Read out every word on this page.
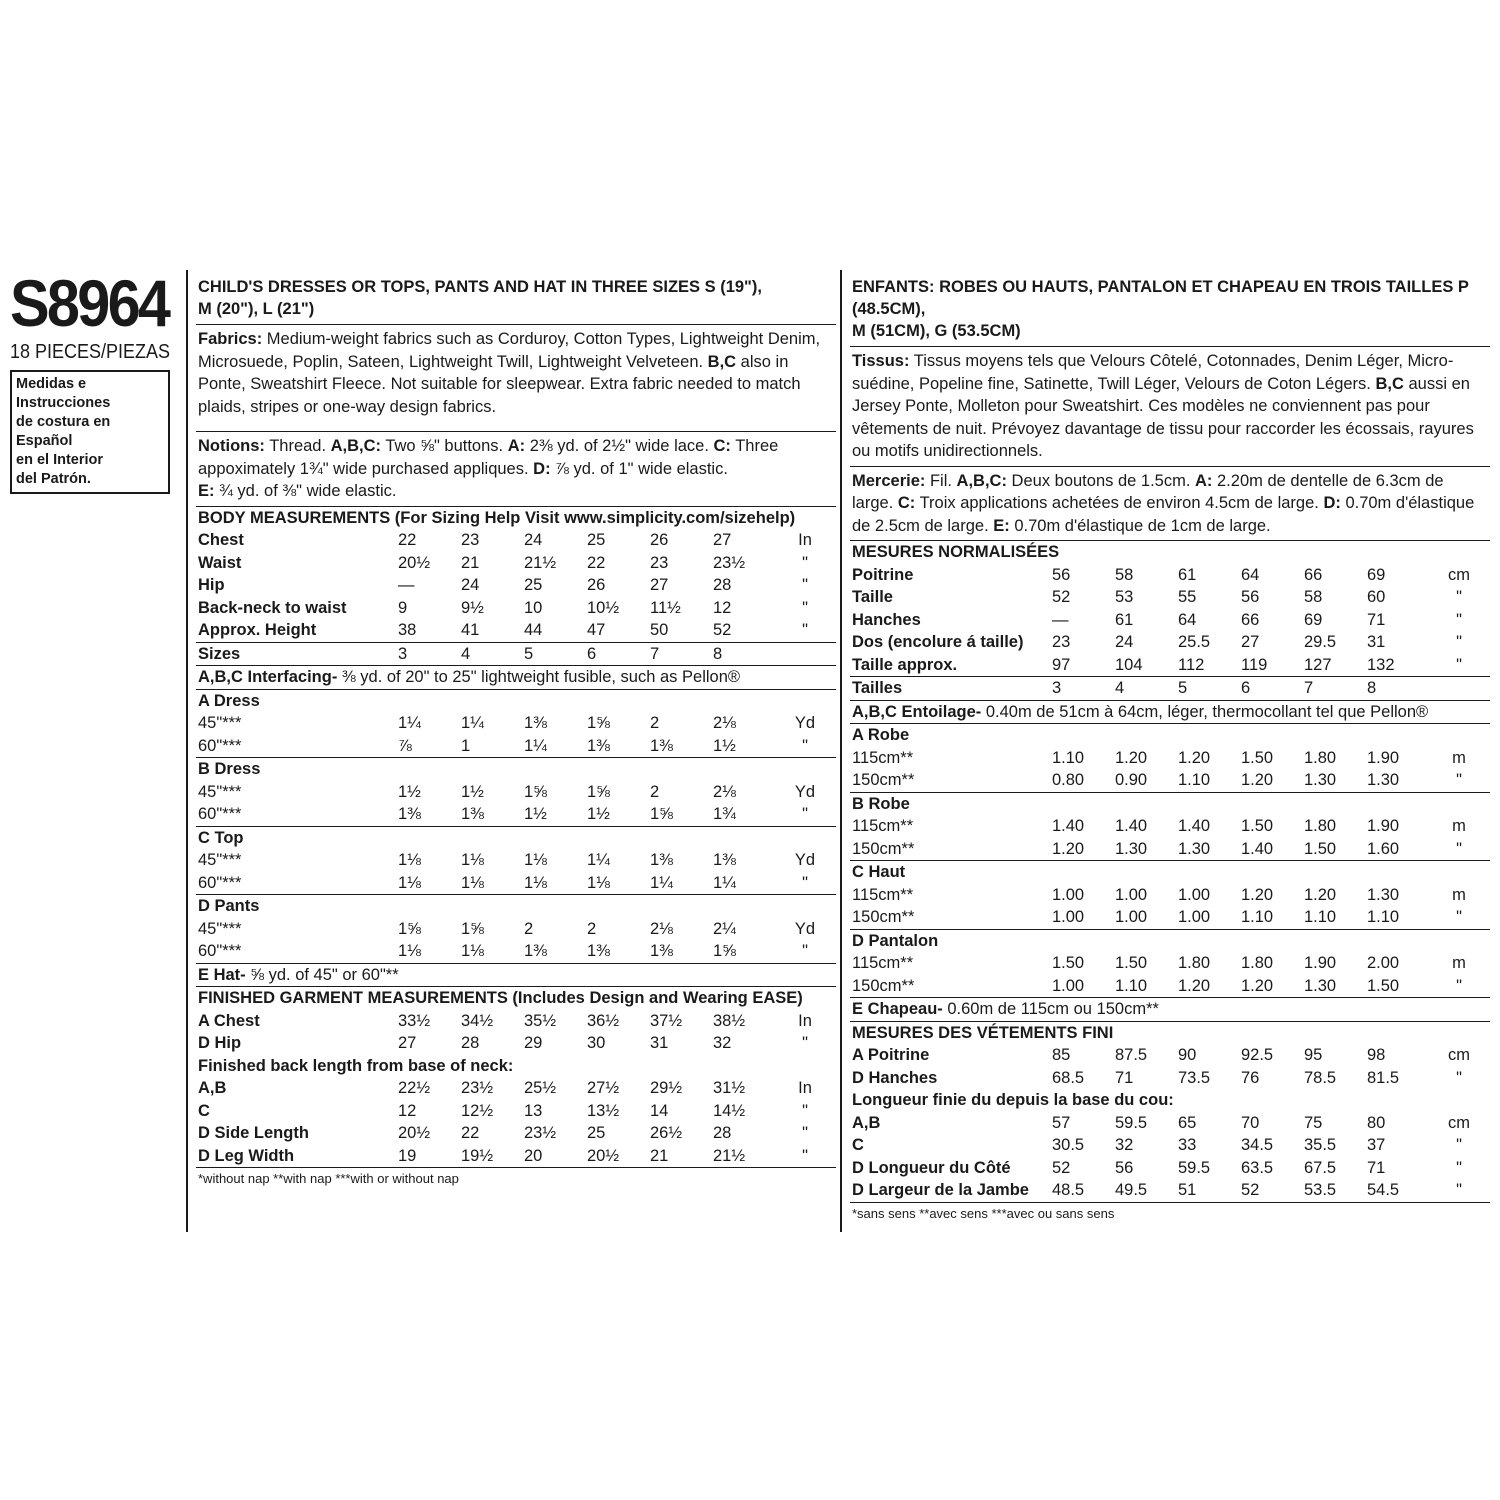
S8964
18 PIECES/PIEZAS
Medidas e Instrucciones
de costura en Español
en el Interior
del Patrón.
CHILD'S DRESSES OR TOPS, PANTS AND HAT IN THREE SIZES S (19"),
M (20"), L (21")
Fabrics: Medium-weight fabrics such as Corduroy, Cotton Types, Lightweight Denim, Microsuede, Poplin, Sateen, Lightweight Twill, Lightweight Velveteen. B,C also in Ponte, Sweatshirt Fleece. Not suitable for sleepwear. Extra fabric needed to match plaids, stripes or one-way design fabrics.
Notions: Thread. A,B,C: Two ⅝" buttons. A: 2⅜ yd. of 2½" wide lace. C: Three appoximately 1¾" wide purchased appliques. D: ⅞ yd. of 1" wide elastic.
E: ¾ yd. of ⅜" wide elastic.
BODY MEASUREMENTS (For Sizing Help Visit www.simplicity.com/sizehelp)							
Chest	22	23	24	25	26	27	In
Waist	20½	21	21½	22	23	23½	"
Hip	—	24	25	26	27	28	"
Back-neck to waist	9	9½	10	10½	11½	12	"
Approx. Height	38	41	44	47	50	52	"
Sizes	3	4	5	6	7	8	
A,B,C Interfacing- ⅜ yd. of 20" to 25" lightweight fusible, such as Pellon®							
A Dress							
45"***	1¼	1¼	1⅜	1⅝	2	2⅛	Yd
60"***	⅞	1	1¼	1⅜	1⅜	1½	"
B Dress							
45"***	1½	1½	1⅝	1⅝	2	2⅛	Yd
60"***	1⅜	1⅜	1½	1½	1⅝	1¾	"
C Top							
45"***	1⅛	1⅛	1⅛	1¼	1⅜	1⅜	Yd
60"***	1⅛	1⅛	1⅛	1⅛	1¼	1¼	"
D Pants							
45"***	1⅝	1⅝	2	2	2⅛	2¼	Yd
60"***	1⅛	1⅛	1⅜	1⅜	1⅜	1⅝	"
E Hat- ⅝ yd. of 45" or 60"**							
FINISHED GARMENT MEASUREMENTS (Includes Design and Wearing EASE)							
A Chest	33½	34½	35½	36½	37½	38½	In
D Hip	27	28	29	30	31	32	"
Finished back length from base of neck:							
A,B	22½	23½	25½	27½	29½	31½	In
C	12	12½	13	13½	14	14½	"
D Side Length	20½	22	23½	25	26½	28	"
D Leg Width	19	19½	20	20½	21	21½	"
*without nap **with nap ***with or without nap
ENFANTS: ROBES OU HAUTS, PANTALON ET CHAPEAU EN TROIS TAILLES P (48.5CM),
M (51CM), G (53.5CM)
Tissus: Tissus moyens tels que Velours Côtelé, Cotonnades, Denim Léger, Micro-suédine, Popeline fine, Satinette, Twill Léger, Velours de Coton Légers. B,C aussi en Jersey Ponte, Molleton pour Sweatshirt. Ces modèles ne conviennent pas pour vêtements de nuit. Prévoyez davantage de tissu pour raccorder les écossais, rayures ou motifs unidirectionnels.
Mercerie: Fil. A,B,C: Deux boutons de 1.5cm. A: 2.20m de dentelle de 6.3cm de large. C: Troix applications achetées de environ 4.5cm de large. D: 0.70m d'élastique de 2.5cm de large. E: 0.70m d'élastique de 1cm de large.
MESURES NORMALISÉES							
Poitrine	56	58	61	64	66	69	cm
Taille	52	53	55	56	58	60	"
Hanches	—	61	64	66	69	71	"
Dos (encolure á taille)	23	24	25.5	27	29.5	31	"
Taille approx.	97	104	112	119	127	132	"
Tailles	3	4	5	6	7	8	
A,B,C Entoilage- 0.40m de 51cm à 64cm, léger, thermocollant tel que Pellon®							
A Robe							
115cm**	1.10	1.20	1.20	1.50	1.80	1.90	m
150cm**	0.80	0.90	1.10	1.20	1.30	1.30	"
B Robe							
115cm**	1.40	1.40	1.40	1.50	1.80	1.90	m
150cm**	1.20	1.30	1.30	1.40	1.50	1.60	"
C Haut							
115cm**	1.00	1.00	1.00	1.20	1.20	1.30	m
150cm**	1.00	1.00	1.00	1.10	1.10	1.10	"
D Pantalon							
115cm**	1.50	1.50	1.80	1.80	1.90	2.00	m
150cm**	1.00	1.10	1.20	1.20	1.30	1.50	"
E Chapeau- 0.60m de 115cm ou 150cm**							
MESURES DES VÉTEMENTS FINI							
A Poitrine	85	87.5	90	92.5	95	98	cm
D Hanches	68.5	71	73.5	76	78.5	81.5	"
Longueur finie du depuis la base du cou:							
A,B	57	59.5	65	70	75	80	cm
C	30.5	32	33	34.5	35.5	37	"
D Longueur du Côté	52	56	59.5	63.5	67.5	71	"
D Largeur de la Jambe	48.5	49.5	51	52	53.5	54.5	"
*sans sens **avec sens ***avec ou sans sens
